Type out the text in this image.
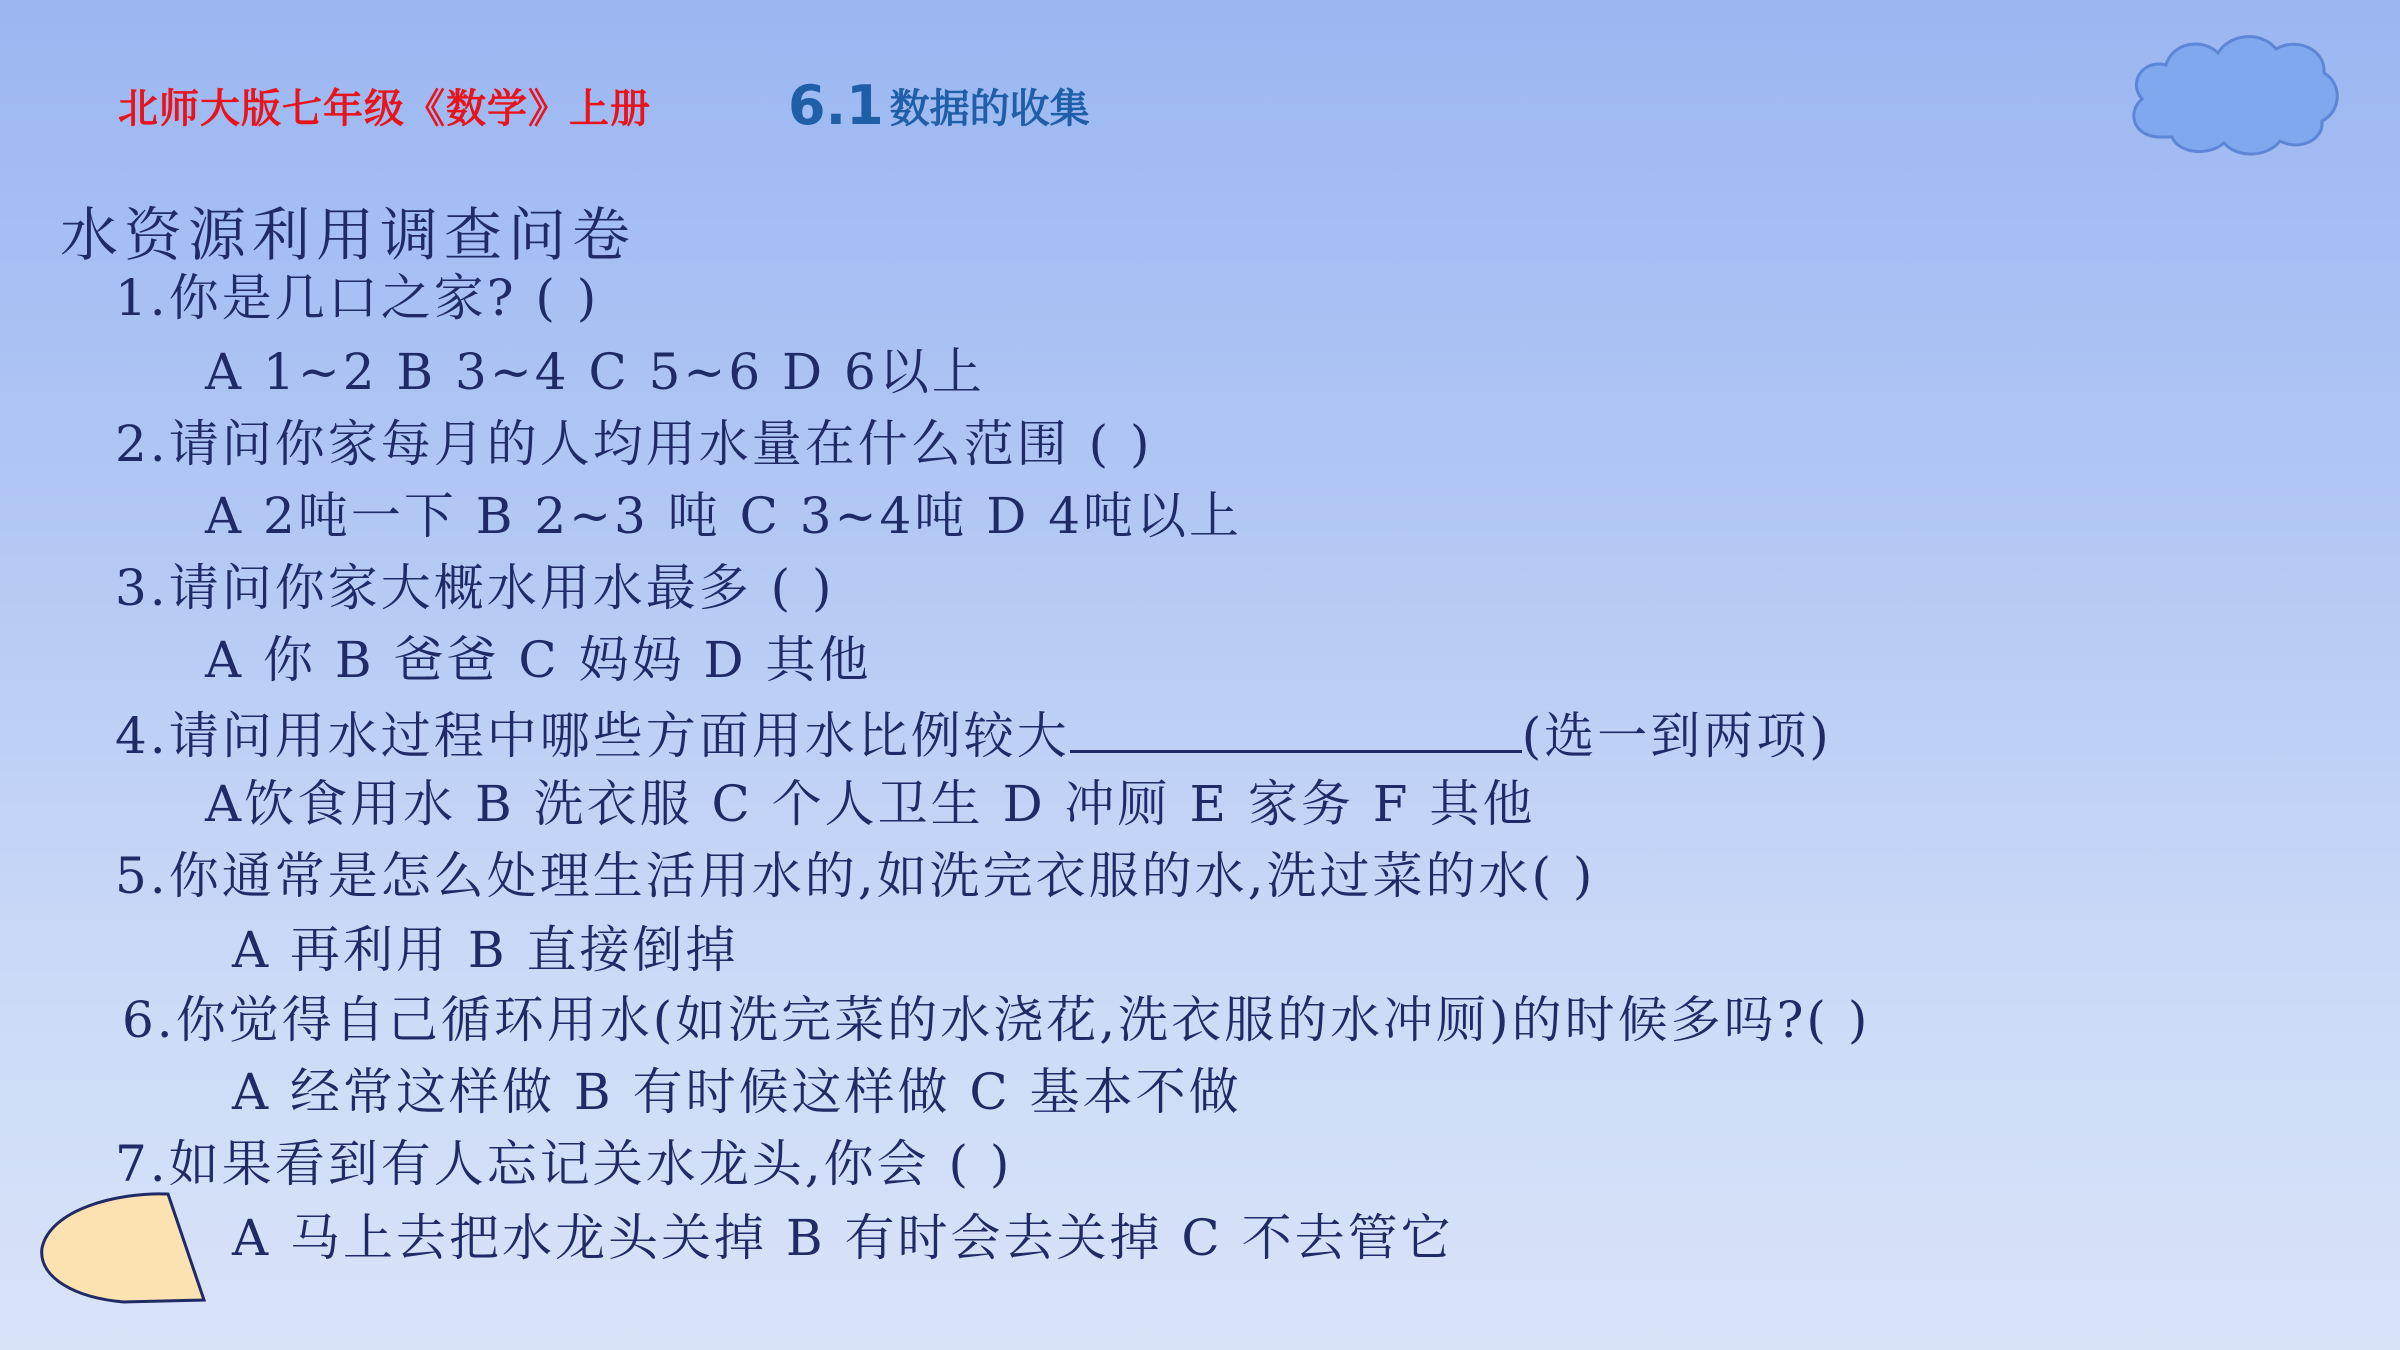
北师大版七年级《数学》上册	6.1 数据的收集
水资源利用调查问卷
1.你是几口之家? ( )
A 1~2 B 3~4 C 5~6 D 6以上
2.请问你家每月的人均用水量在什么范围 ( )
A 2吨一下 B 2~3 吨 C 3~4吨 D 4吨以上
3.请问你家大概水用水最多 ( )
A 你 B 爸爸 C 妈妈 D 其他
4.请问用水过程中哪些方面用水比例较大	(选一到两项)
A饮食用水 B 洗衣服 C 个人卫生 D 冲厕 E 家务 F 其他
5.你通常是怎么处理生活用水的,如洗完衣服的水,洗过菜的水( )
A 再利用 B 直接倒掉
6.你觉得自己循环用水(如洗完菜的水浇花,洗衣服的水冲厕)的时候多吗?( )
A 经常这样做 B 有时候这样做 C 基本不做
7.如果看到有人忘记关水龙头,你会 ( )
A 马上去把水龙头关掉 B 有时会去关掉 C 不去管它
